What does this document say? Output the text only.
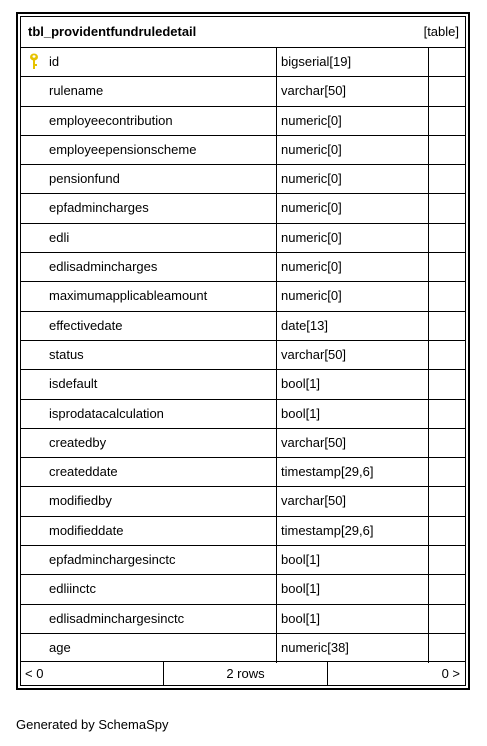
tbl_providentfundruledetail	[table]
id	bigserial[19]
rulename	varchar[50]
employeecontribution	numeric[0]
employeepensionscheme	numeric[0]
pensionfund	numeric[0]
epfadmincharges	numeric[0]
edli	numeric[0]
edlisadmincharges	numeric[0]
maximumapplicableamount	numeric[0]
effectivedate	date[13]
status	varchar[50]
isdefault	bool[1]
isprodatacalculation	bool[1]
createdby	varchar[50]
createddate	timestamp[29,6]
modifiedby	varchar[50]
modifieddate	timestamp[29,6]
epfadminchargesinctc	bool[1]
edliinctc	bool[1]
edlisadminchargesinctc	bool[1]
age	numeric[38]
< 0	2 rows	0 >
Generated by SchemaSpy
